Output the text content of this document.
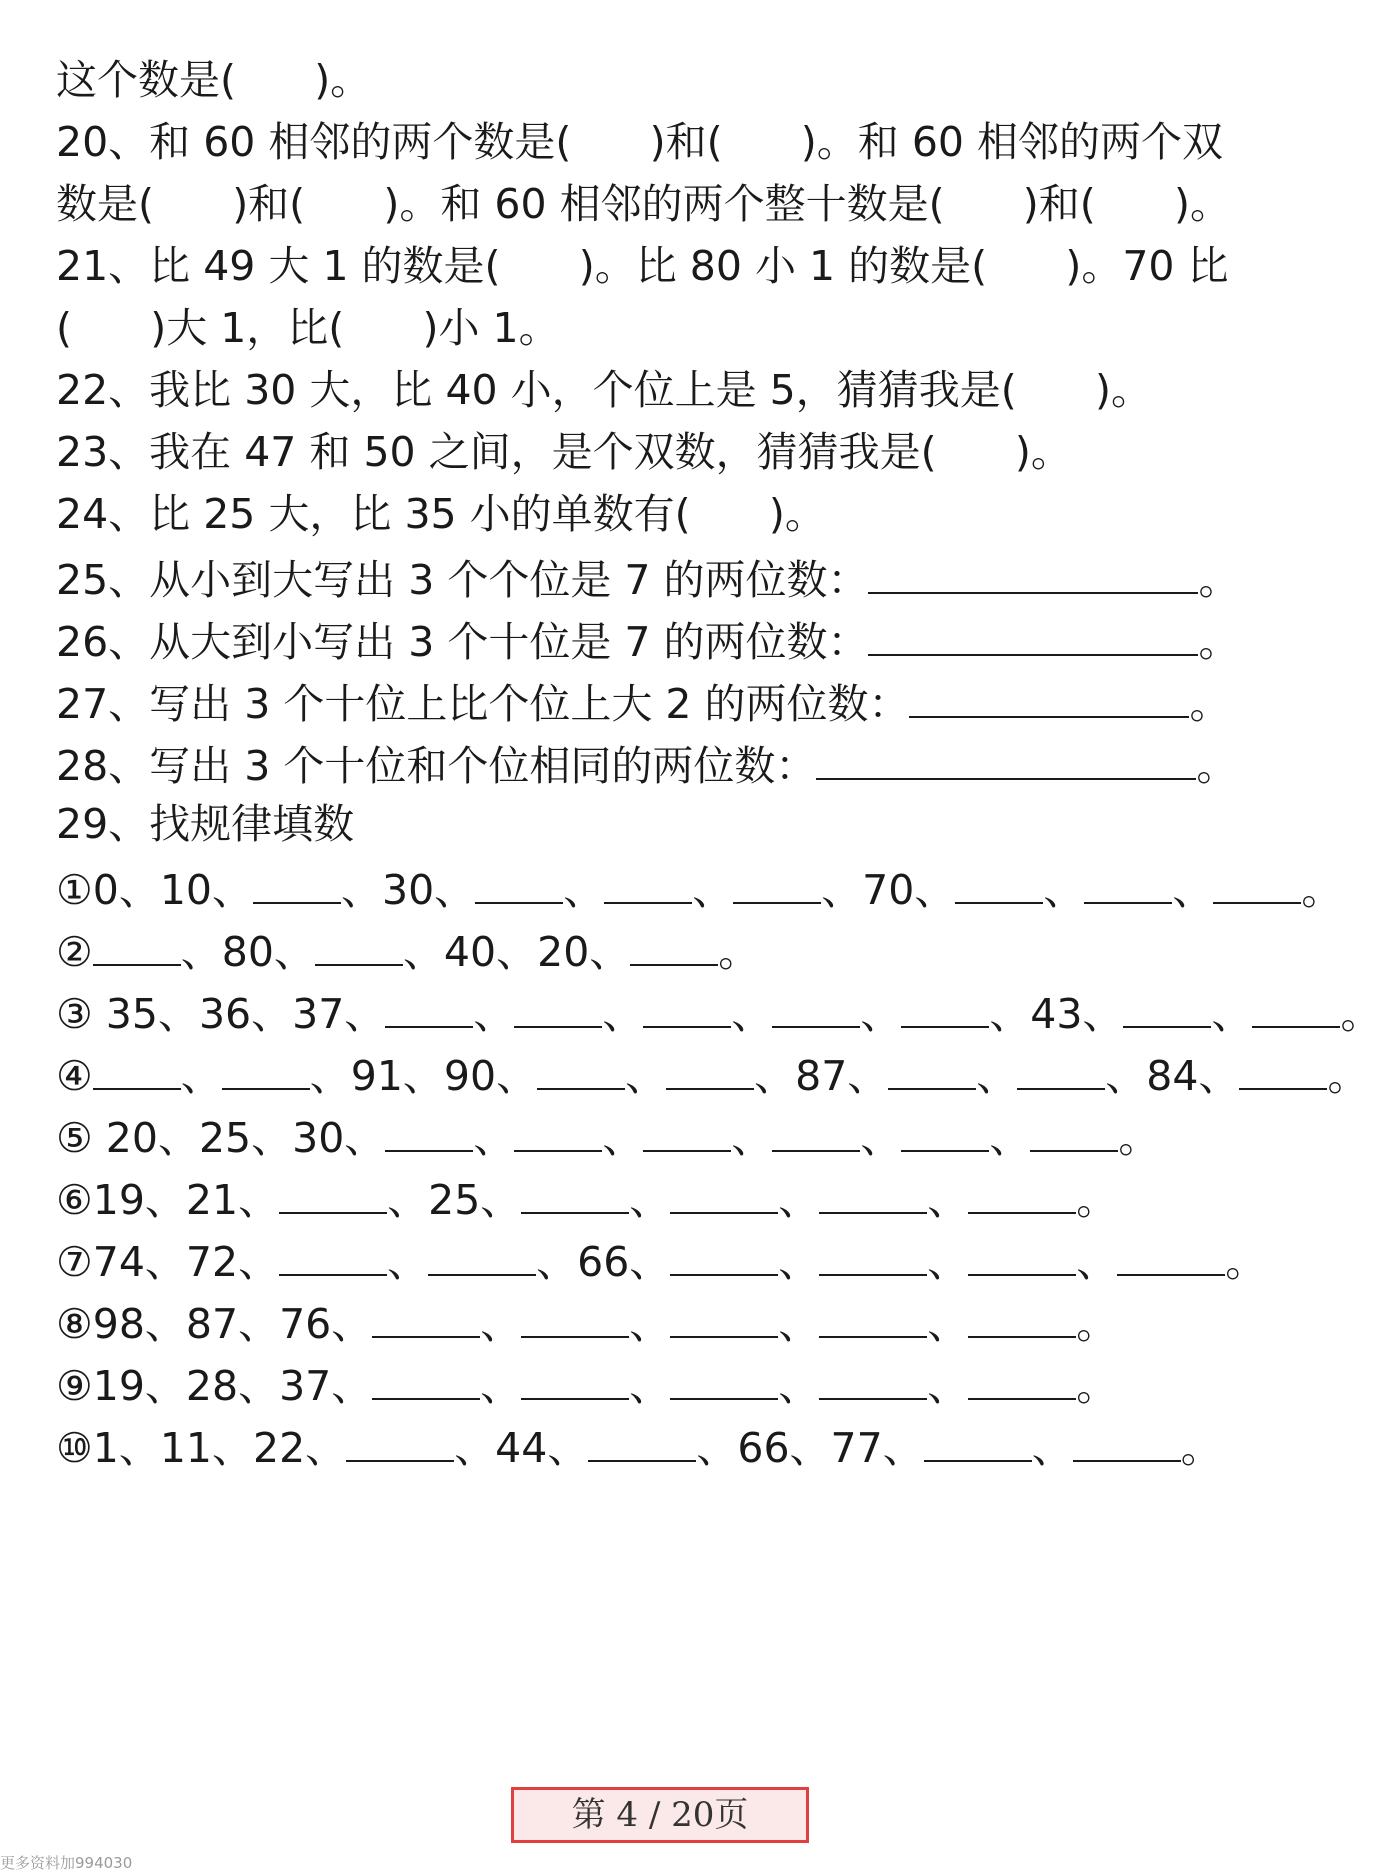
这个数是(      )。
20、和 60 相邻的两个数是(      )和(      )。和 60 相邻的两个双
数是(      )和(      )。和 60 相邻的两个整十数是(      )和(      )。
21、比 49 大 1 的数是(      )。比 80 小 1 的数是(      )。70 比
(      )大 1，比(      )小 1。
22、我比 30 大，比 40 小，个位上是 5，猜猜我是(      )。
23、我在 47 和 50 之间，是个双数，猜猜我是(      )。
24、比 25 大，比 35 小的单数有(      )。
25、从小到大写出 3 个个位是 7 的两位数：	。
26、从大到小写出 3 个十位是 7 的两位数：	。
27、写出 3 个十位上比个位上大 2 的两位数：	。
28、写出 3 个十位和个位相同的两位数：	。
29、找规律填数
①0、10、 、30、 、 、 、70、 、 、 。
② 、80、 、40、20、 。
③ 35、36、37、 、 、 、 、 、43、 、 。
④ 、 、91、90、 、 、87、 、 、84、 。
⑤ 20、25、30、 、 、 、 、 、 。
⑥19、21、	、25、	、	、	、	。
⑦74、72、	、	、66、	、	、	、	。
⑧98、87、76、	、	、	、	、	。
⑨19、28、37、	、	、	、	、	。
⑩1、11、22、	、44、	、66、77、	、	。
第 4 / 20页
更多资料加994030
